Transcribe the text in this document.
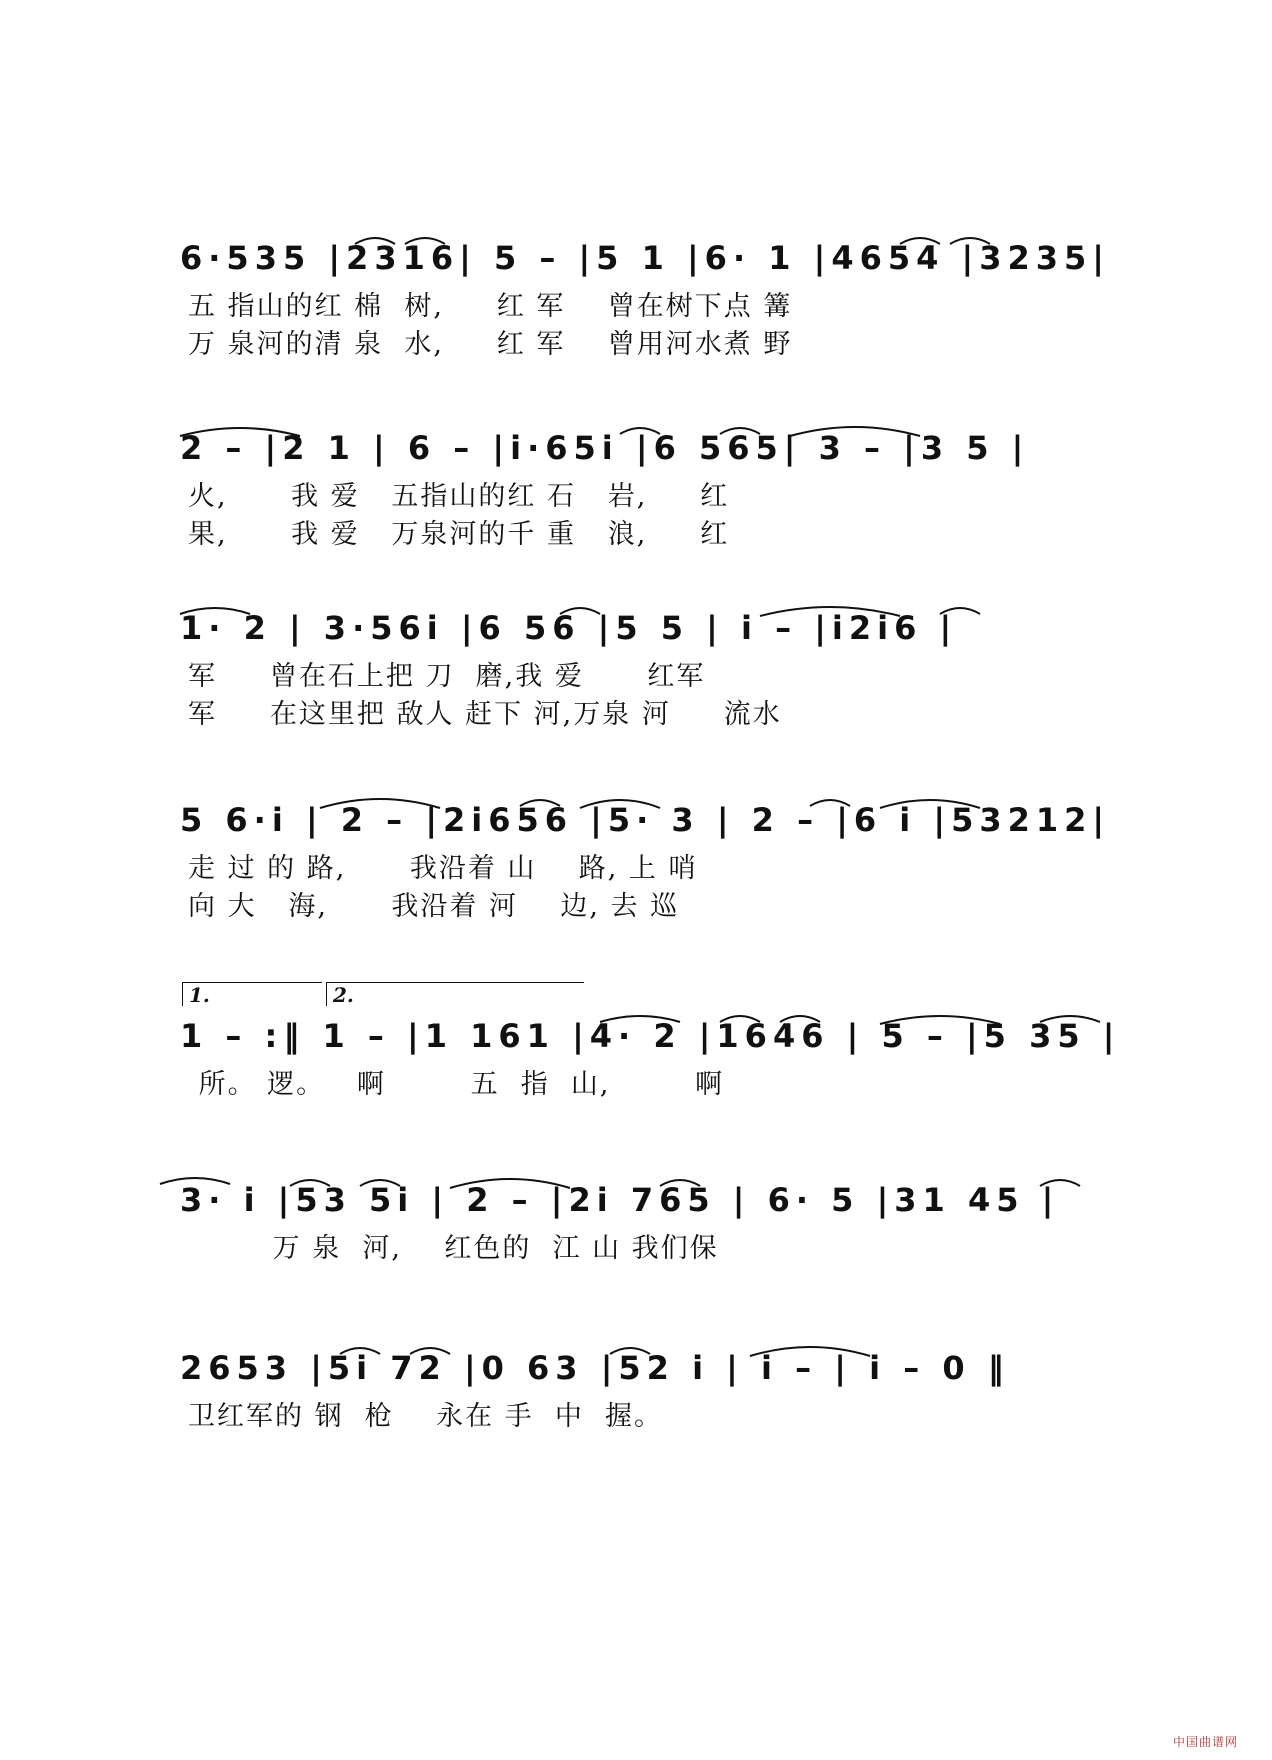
6·535 |2316| 5 – |5 1 |6· 1 |4654 |3235|
五 指山的红 棉  树,     红 军    曾在树下点 篝
万 泉河的清 泉  水,     红 军    曾用河水煮 野
2 – |2 1 | 6 – |i·65i |6 565| 3 – |3 5 |
火,      我 爱   五指山的红 石   岩,     红
果,      我 爱   万泉河的千 重   浪,     红
1· 2 | 3·56i |6 56 |5 5 | i – |i2i6 |
军     曾在石上把 刀  磨,我 爱      红军
军     在这里把 敌人 赶下 河,万泉 河     流水
5 6·i | 2 – |2i656 |5· 3 | 2 – |6 i |53212|
走 过 的 路,      我沿着 山    路, 上 哨
向 大   海,      我沿着 河    边, 去 巡
1.	2.
1 – :‖ 1 – |1 161 |4· 2 |1646 | 5 – |5 35 |
所。 逻。   啊        五  指  山,        啊
3· i |53 5i | 2 – |2i 765 | 6· 5 |31 45 |
万 泉  河,    红色的  江 山 我们保
2653 |5i 72 |0 63 |52 i | i – | i – 0 ‖
卫红军的 钢  枪    永在 手  中  握。
中国曲谱网
